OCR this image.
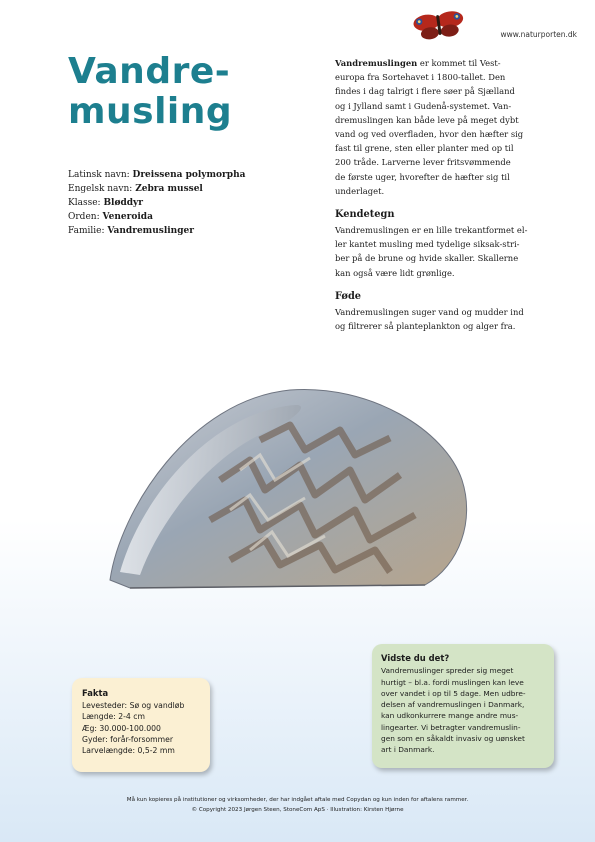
www.naturporten.dk
Vandre-
musling
Latinsk navn: Dreissena polymorpha
Engelsk navn: Zebra mussel
Klasse: Bløddyr
Orden: Veneroida
Familie: Vandremuslinger

Vandremuslingen er kommet til Vest-
europa fra Sortehavet i 1800-tallet. Den
findes i dag talrigt i flere søer på Sjælland
og i Jylland samt i Gudenå-systemet. Van-
dremuslingen kan både leve på meget dybt
vand og ved overfladen, hvor den hæfter sig
fast til grene, sten eller planter med op til
200 tråde. Larverne lever fritsvømmende
de første uger, hvorefter de hæfter sig til
underlaget.

Kendetegn

Vandremuslingen er en lille trekantformet el-
ler kantet musling med tydelige siksak-stri-
ber på de brune og hvide skaller. Skallerne
kan også være lidt grønlige.

Føde

Vandremuslingen suger vand og mudder ind
og filtrerer så planteplankton og alger fra.

Fakta
Levesteder: Sø og vandløb
Længde: 2-4 cm
Æg: 30.000-100.000
Gyder: forår-forsommer
Larvelængde: 0,5-2 mm
Vidste du det?
Vandremuslinger spreder sig meget
hurtigt – bl.a. fordi muslingen kan leve
over vandet i op til 5 dage. Men udbre-
delsen af vandremuslingen i Danmark,
kan udkonkurrere mange andre mus-
lingearter. Vi betragter vandremuslin-
gen som en såkaldt invasiv og uønsket
art i Danmark.
Må kun kopieres på institutioner og virksomheder, der har indgået aftale med Copydan og kun inden for aftalens rammer.
© Copyright 2023 Jørgen Steen, StoneCom ApS · Illustration: Kirsten Hjørne
